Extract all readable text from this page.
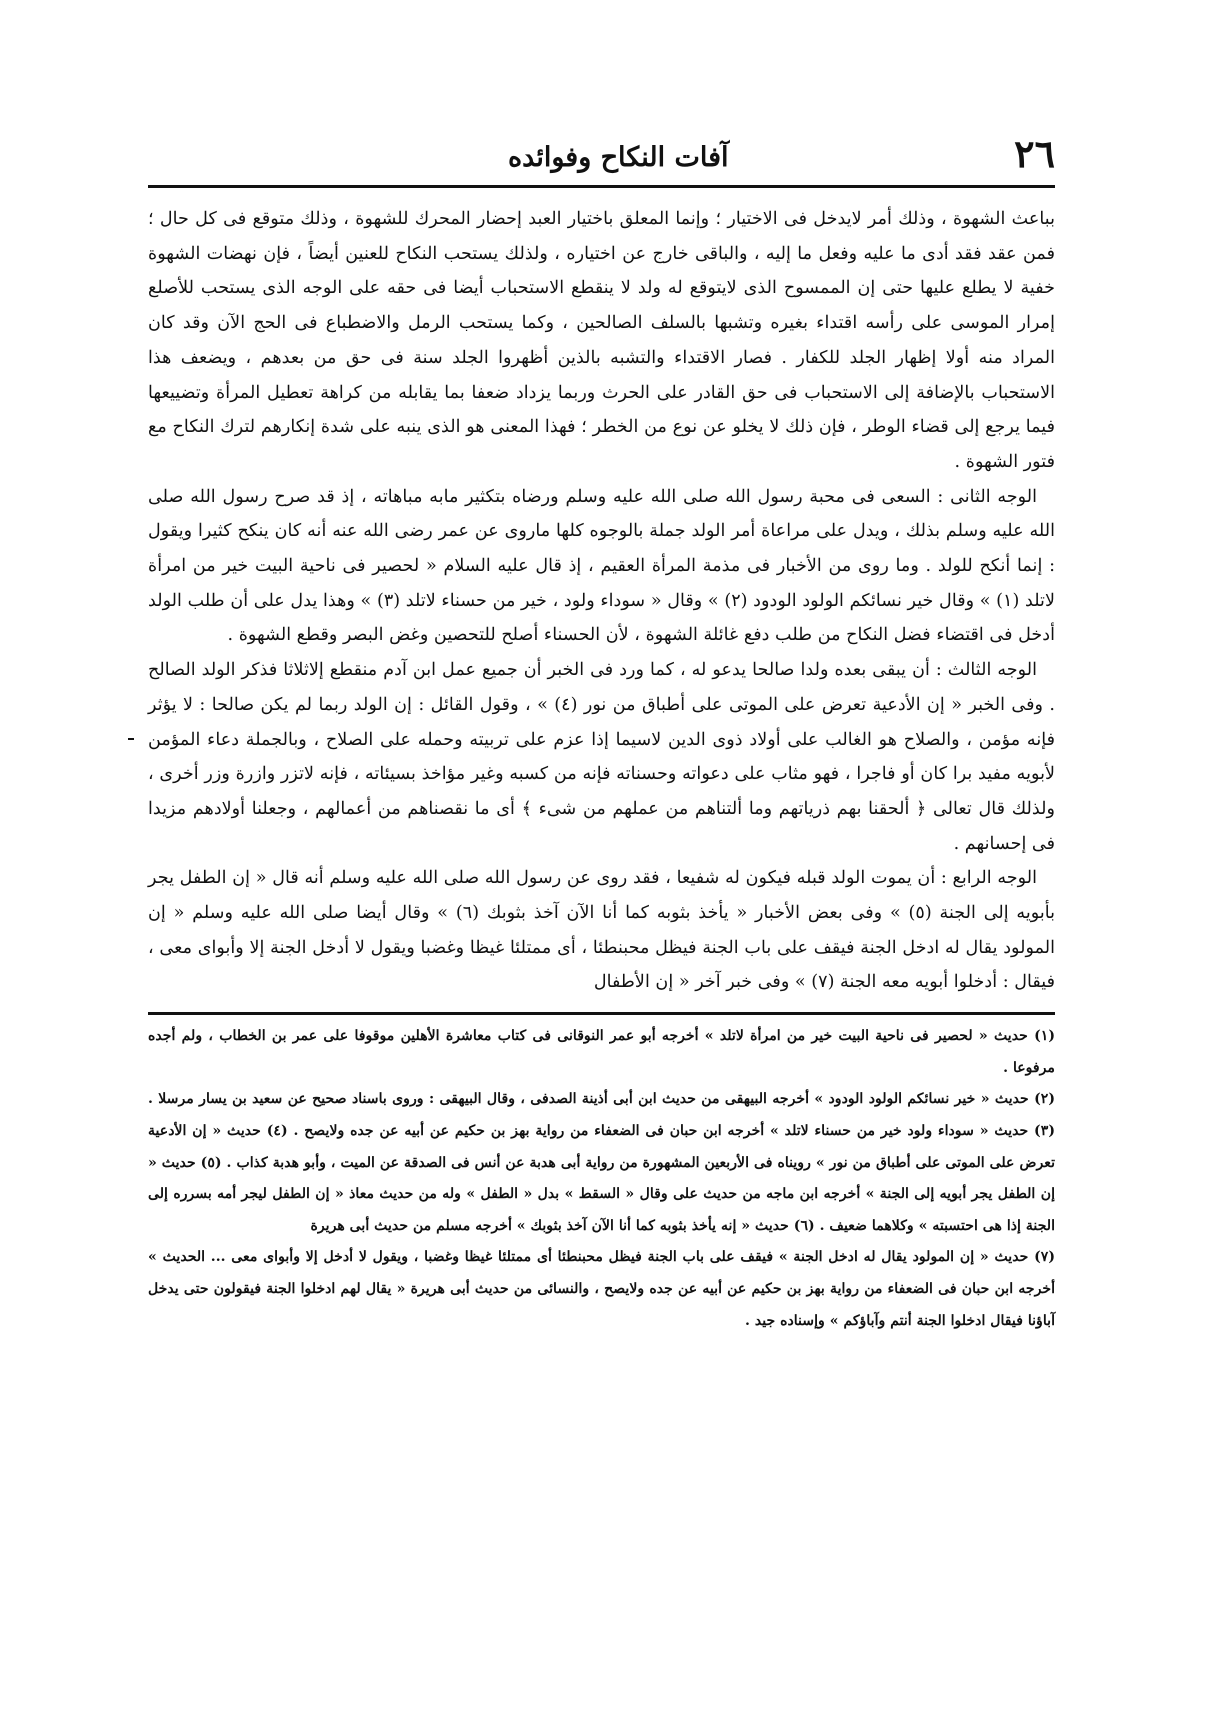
٢٦
آفات النكاح وفوائده

بباعث الشهوة ، وذلك أمر لايدخل فى الاختيار ؛ وإنما المعلق باختيار العبد إحضار المحرك للشهوة ، وذلك متوقع فى كل حال ؛ فمن عقد فقد أدى ما عليه وفعل ما إليه ، والباقى خارج عن اختياره ، ولذلك يستحب النكاح للعنين أيضاً ، فإن نهضات الشهوة خفية لا يطلع عليها حتى إن الممسوح الذى لايتوقع له ولد لا ينقطع الاستحباب أيضا فى حقه على الوجه الذى يستحب للأصلع إمرار الموسى على رأسه اقتداء بغيره وتشبها بالسلف الصالحين ، وكما يستحب الرمل والاضطباع فى الحج الآن وقد كان المراد منه أولا إظهار الجلد للكفار . فصار الاقتداء والتشبه بالذين أظهروا الجلد سنة فى حق من بعدهم ، ويضعف هذا الاستحباب بالإضافة إلى الاستحباب فى حق القادر على الحرث وربما يزداد ضعفا بما يقابله من كراهة تعطيل المرأة وتضييعها فيما يرجع إلى قضاء الوطر ، فإن ذلك لا يخلو عن نوع من الخطر ؛ فهذا المعنى هو الذى ينبه على شدة إنكارهم لترك النكاح مع فتور الشهوة .

الوجه الثانى : السعى فى محبة رسول الله صلى الله عليه وسلم ورضاه بتكثير مابه مباهاته ، إذ قد صرح رسول الله صلى الله عليه وسلم بذلك ، ويدل على مراعاة أمر الولد جملة بالوجوه كلها ماروى عن عمر رضى الله عنه أنه كان ينكح كثيرا ويقول : إنما أنكح للولد . وما روى من الأخبار فى مذمة المرأة العقيم ، إذ قال عليه السلام « لحصير فى ناحية البيت خير من امرأة لاتلد (١) » وقال خير نسائكم الولود الودود (٢) » وقال « سوداء ولود ، خير من حسناء لاتلد (٣) » وهذا يدل على أن طلب الولد أدخل فى اقتضاء فضل النكاح من طلب دفع غائلة الشهوة ، لأن الحسناء أصلح للتحصين وغض البصر وقطع الشهوة .

الوجه الثالث : أن يبقى بعده ولدا صالحا يدعو له ، كما ورد فى الخبر أن جميع عمل ابن آدم منقطع إلاثلاثا فذكر الولد الصالح . وفى الخبر « إن الأدعية تعرض على الموتى على أطباق من نور (٤) » ، وقول القائل : إن الولد ربما لم يكن صالحا : لا يؤثر فإنه مؤمن ، والصلاح هو الغالب على أولاد ذوى الدين لاسيما إذا عزم على تربيته وحمله على الصلاح ، وبالجملة دعاء المؤمن لأبويه مفيد برا كان أو فاجرا ، فهو مثاب على دعواته وحسناته فإنه من كسبه وغير مؤاخذ بسيئاته ، فإنه لاتزر وازرة وزر أخرى ، ولذلك قال تعالى ﴿ ألحقنا بهم ذرياتهم وما ألتناهم من عملهم من شىء ﴾ أى ما نقصناهم من أعمالهم ، وجعلنا أولادهم مزيدا فى إحسانهم .

الوجه الرابع : أن يموت الولد قبله فيكون له شفيعا ، فقد روى عن رسول الله صلى الله عليه وسلم أنه قال « إن الطفل يجر بأبويه إلى الجنة (٥) » وفى بعض الأخبار « يأخذ بثوبه كما أنا الآن آخذ بثوبك (٦) » وقال أيضا صلى الله عليه وسلم « إن المولود يقال له ادخل الجنة فيقف على باب الجنة فيظل محبنطئا ، أى ممتلئا غيظا وغضبا ويقول لا أدخل الجنة إلا وأبواى معى ، فيقال : أدخلوا أبويه معه الجنة (٧) » وفى خبر آخر « إن الأطفال

(١) حديث « لحصير فى ناحية البيت خير من امرأة لاتلد » أخرجه أبو عمر النوقانى فى كتاب معاشرة الأهلين موقوفا على عمر بن الخطاب ، ولم أجده مرفوعا .

(٢) حديث « خير نسائكم الولود الودود » أخرجه البيهقى من حديث ابن أبى أذينة الصدفى ، وقال البيهقى : وروى باسناد صحيح عن سعيد بن يسار مرسلا . (٣) حديث « سوداء ولود خير من حسناء لاتلد » أخرجه ابن حبان فى الضعفاء من رواية بهز بن حكيم عن أبيه عن جده ولايصح . (٤) حديث « إن الأدعية تعرض على الموتى على أطباق من نور » رويناه فى الأربعين المشهورة من رواية أبى هدبة عن أنس فى الصدقة عن الميت ، وأبو هدبة كذاب . (٥) حديث « إن الطفل يجر أبويه إلى الجنة » أخرجه ابن ماجه من حديث على وقال « السقط » بدل « الطفل » وله من حديث معاذ « إن الطفل ليجر أمه بسرره إلى الجنة إذا هى احتسبته » وكلاهما ضعيف . (٦) حديث « إنه يأخذ بثوبه كما أنا الآن آخذ بثوبك » أخرجه مسلم من حديث أبى هريرة

(٧) حديث « إن المولود يقال له ادخل الجنة » فيقف على باب الجنة فيظل محبنطئا أى ممتلئا غيظا وغضبا ، ويقول لا أدخل إلا وأبواى معى ... الحديث » أخرجه ابن حبان فى الضعفاء من رواية بهز بن حكيم عن أبيه عن جده ولايصح ، والنسائى من حديث أبى هريرة « يقال لهم ادخلوا الجنة فيقولون حتى يدخل آباؤنا فيقال ادخلوا الجنة أنتم وآباؤكم » وإسناده جيد .
